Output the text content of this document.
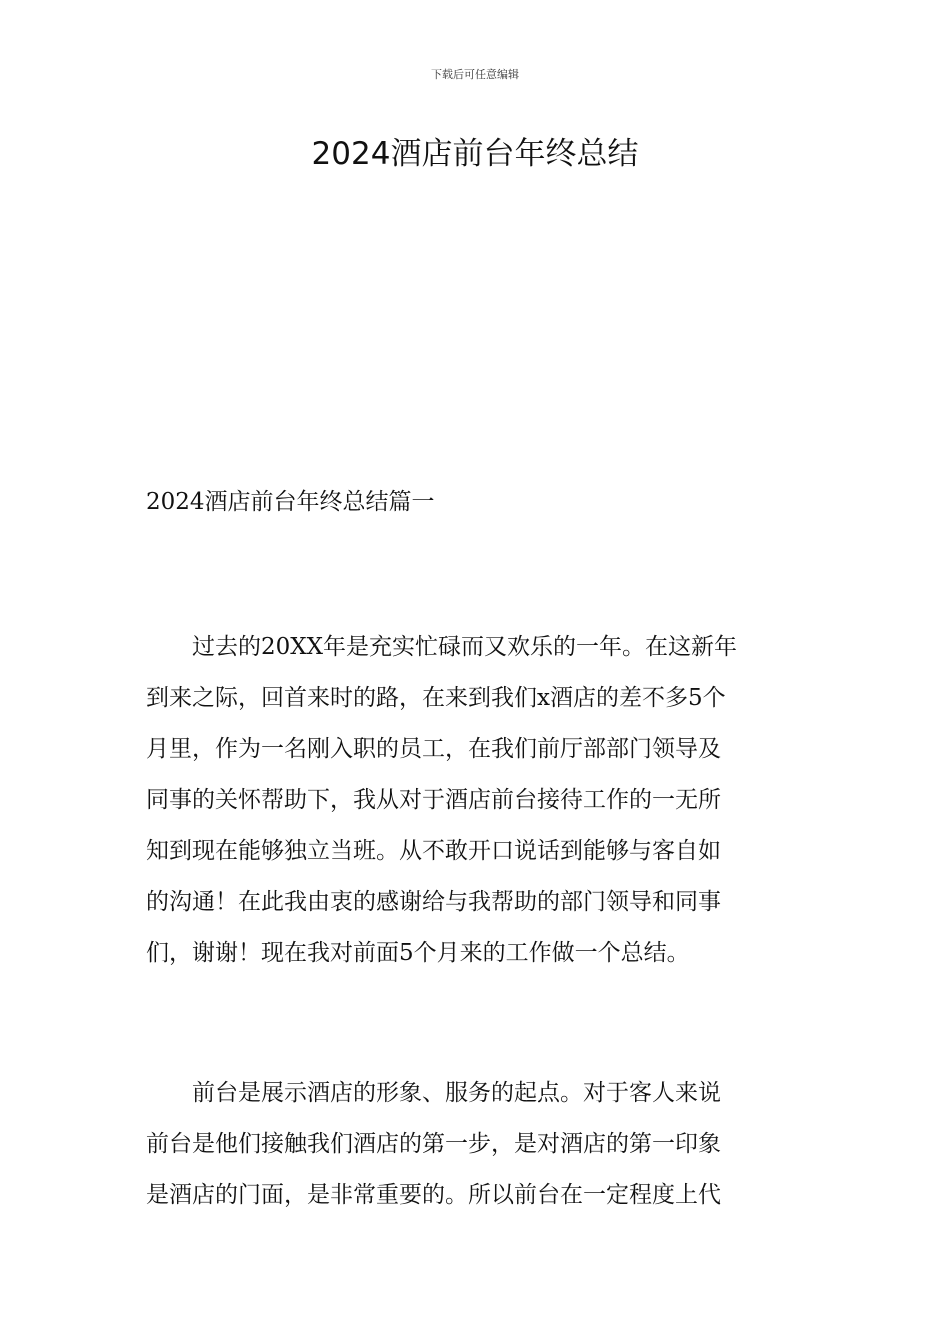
下载后可任意编辑
2024酒店前台年终总结
2024酒店前台年终总结篇一

过去的20XX年是充实忙碌而又欢乐的一年。在这新年
到来之际，回首来时的路，在来到我们x酒店的差不多5个
月里，作为一名刚入职的员工，在我们前厅部部门领导及
同事的关怀帮助下，我从对于酒店前台接待工作的一无所
知到现在能够独立当班。从不敢开口说话到能够与客自如
的沟通！在此我由衷的感谢给与我帮助的部门领导和同事
们，谢谢！现在我对前面5个月来的工作做一个总结。

前台是展示酒店的形象、服务的起点。对于客人来说
前台是他们接触我们酒店的第一步，是对酒店的第一印象
是酒店的门面，是非常重要的。所以前台在一定程度上代
